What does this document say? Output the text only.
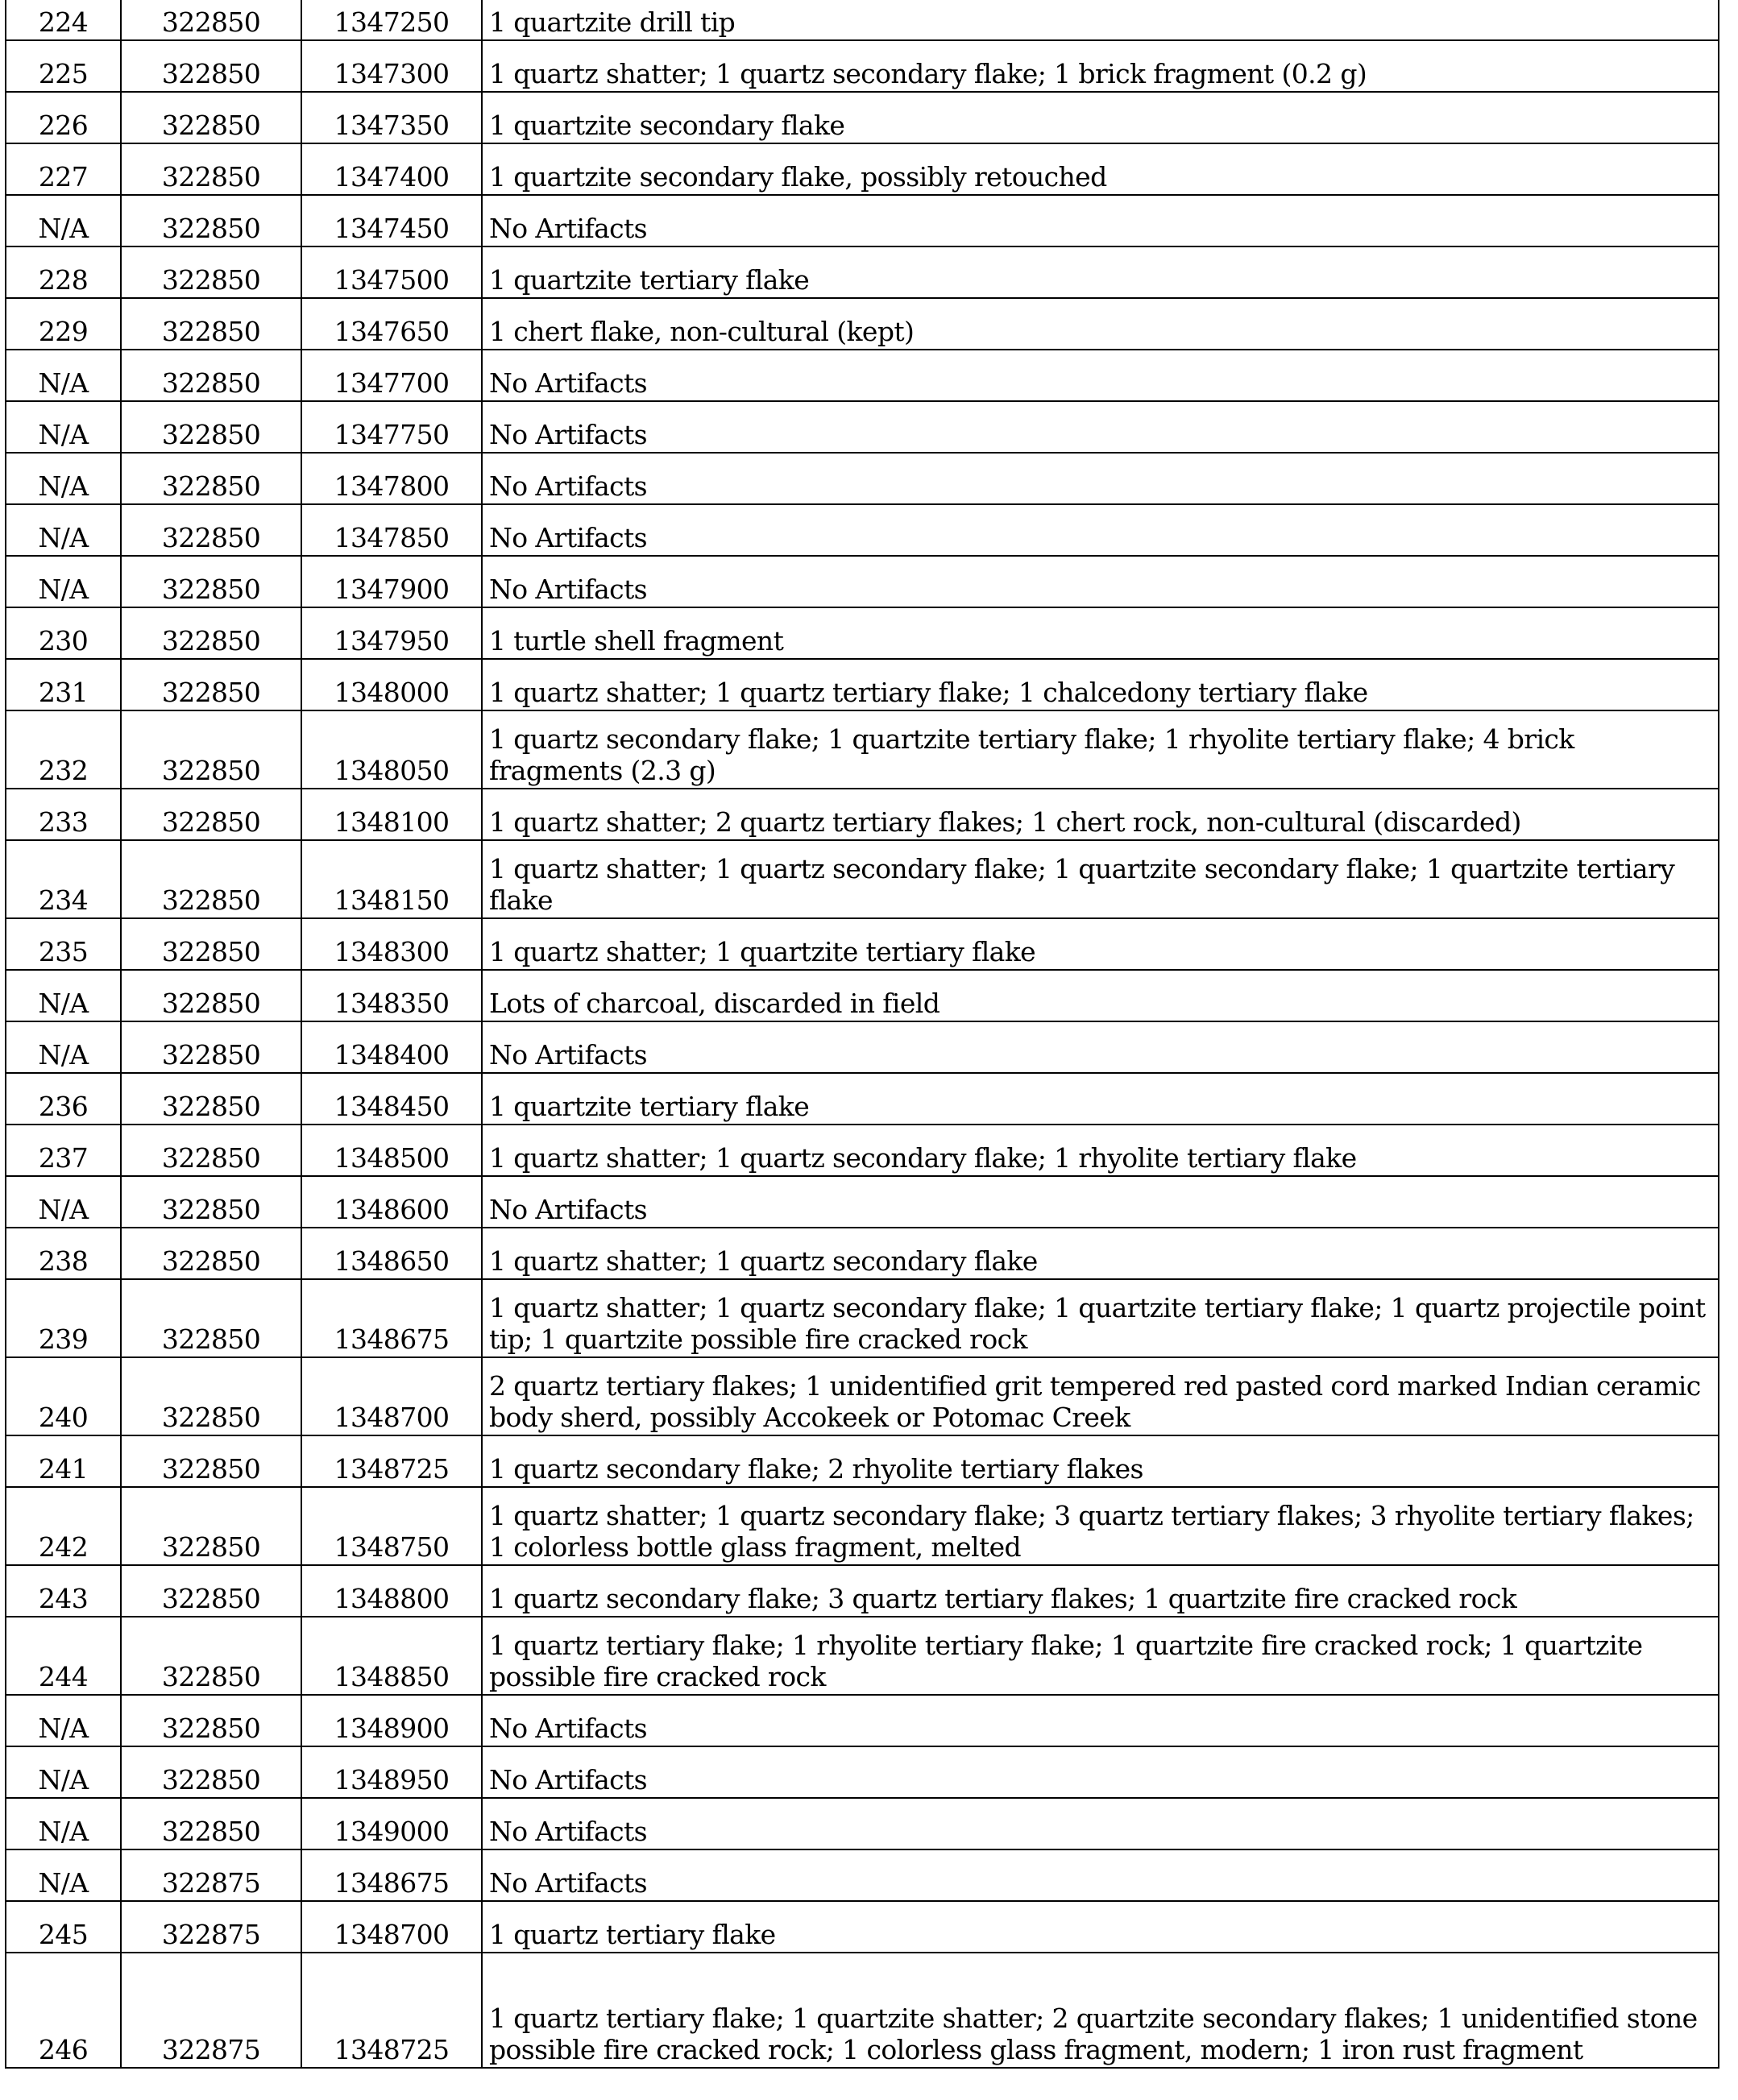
224	322850	1347250	1 quartzite drill tip
225	322850	1347300	1 quartz shatter; 1 quartz secondary flake; 1 brick fragment (0.2 g)
226	322850	1347350	1 quartzite secondary flake
227	322850	1347400	1 quartzite secondary flake, possibly retouched
N/A	322850	1347450	No Artifacts
228	322850	1347500	1 quartzite tertiary flake
229	322850	1347650	1 chert flake, non-cultural (kept)
N/A	322850	1347700	No Artifacts
N/A	322850	1347750	No Artifacts
N/A	322850	1347800	No Artifacts
N/A	322850	1347850	No Artifacts
N/A	322850	1347900	No Artifacts
230	322850	1347950	1 turtle shell fragment
231	322850	1348000	1 quartz shatter; 1 quartz tertiary flake; 1 chalcedony tertiary flake
232	322850	1348050	1 quartz secondary flake; 1 quartzite tertiary flake; 1 rhyolite tertiary flake; 4 brick fragments (2.3 g)
233	322850	1348100	1 quartz shatter; 2 quartz tertiary flakes; 1 chert rock, non-cultural (discarded)
234	322850	1348150	1 quartz shatter; 1 quartz secondary flake; 1 quartzite secondary flake; 1 quartzite tertiary flake
235	322850	1348300	1 quartz shatter; 1 quartzite tertiary flake
N/A	322850	1348350	Lots of charcoal, discarded in field
N/A	322850	1348400	No Artifacts
236	322850	1348450	1 quartzite tertiary flake
237	322850	1348500	1 quartz shatter; 1 quartz secondary flake; 1 rhyolite tertiary flake
N/A	322850	1348600	No Artifacts
238	322850	1348650	1 quartz shatter; 1 quartz secondary flake
239	322850	1348675	1 quartz shatter; 1 quartz secondary flake; 1 quartzite tertiary flake; 1 quartz projectile point tip; 1 quartzite possible fire cracked rock
240	322850	1348700	2 quartz tertiary flakes; 1 unidentified grit tempered red pasted cord marked Indian ceramic body sherd, possibly Accokeek or Potomac Creek
241	322850	1348725	1 quartz secondary flake; 2 rhyolite tertiary flakes
242	322850	1348750	1 quartz shatter; 1 quartz secondary flake; 3 quartz tertiary flakes; 3 rhyolite tertiary flakes; 1 colorless bottle glass fragment, melted
243	322850	1348800	1 quartz secondary flake; 3 quartz tertiary flakes; 1 quartzite fire cracked rock
244	322850	1348850	1 quartz tertiary flake; 1 rhyolite tertiary flake; 1 quartzite fire cracked rock; 1 quartzite possible fire cracked rock
N/A	322850	1348900	No Artifacts
N/A	322850	1348950	No Artifacts
N/A	322850	1349000	No Artifacts
N/A	322875	1348675	No Artifacts
245	322875	1348700	1 quartz tertiary flake
246	322875	1348725	1 quartz tertiary flake; 1 quartzite shatter; 2 quartzite secondary flakes; 1 unidentified stone possible fire cracked rock; 1 colorless glass fragment, modern; 1 iron rust fragment
